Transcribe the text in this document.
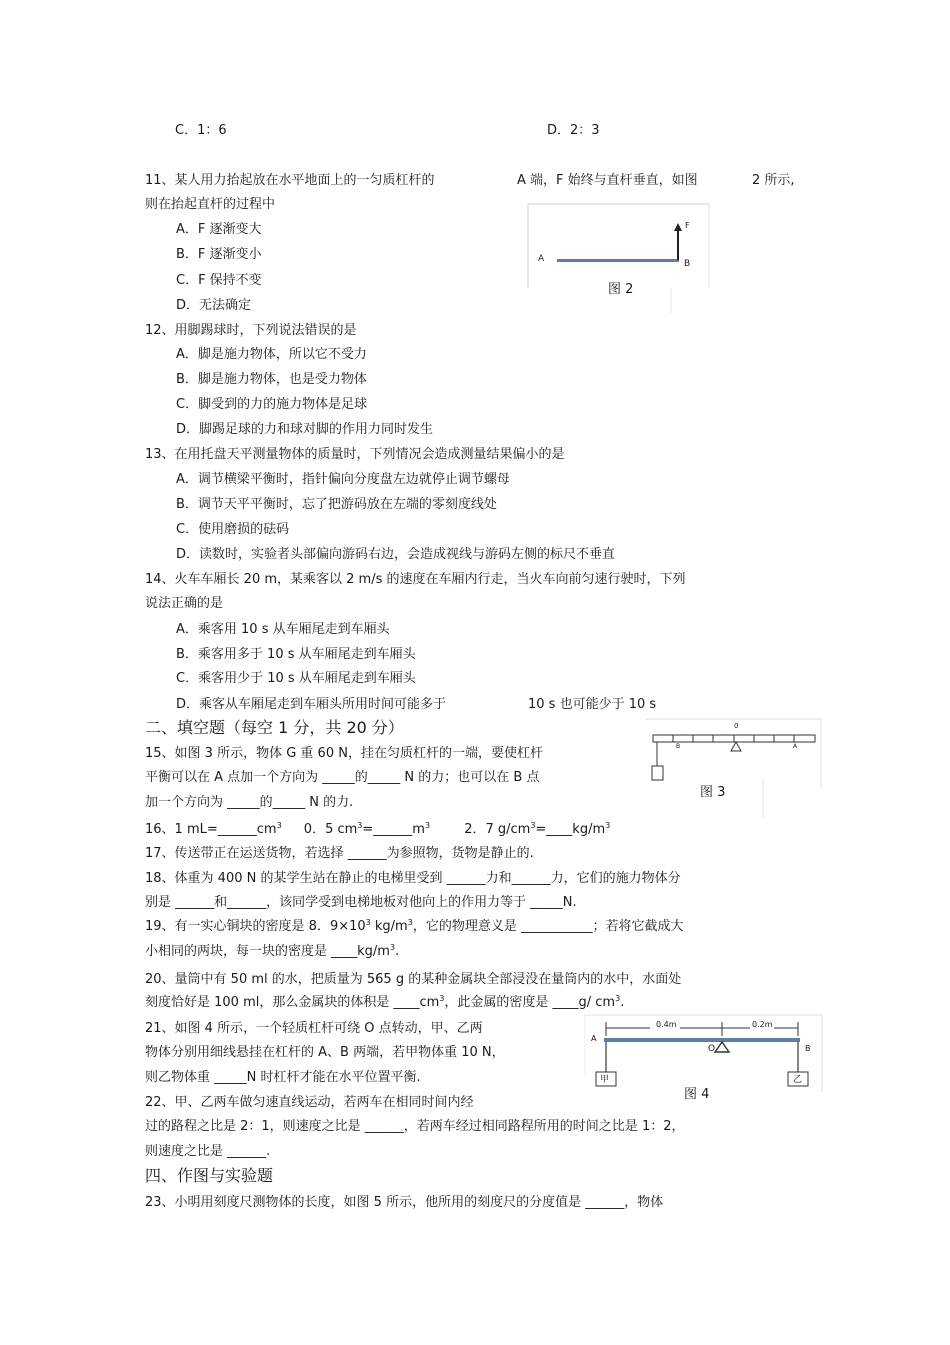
C．1：6	D．2：3
11、某人用力抬起放在水平地面上的一匀质杠杆的	A 端，F 始终与直杆垂直，如图	2 所示,
则在抬起直杆的过程中
A．F 逐渐变大
B．F 逐渐变小
C．F 保持不变
D．无法确定
A	B
F
图 2
12、用脚踢球时，下列说法错误的是
A．脚是施力物体，所以它不受力
B．脚是施力物体，也是受力物体
C．脚受到的力的施力物体是足球
D．脚踢足球的力和球对脚的作用力同时发生
13、在用托盘天平测量物体的质量时，下列情况会造成测量结果偏小的是
A．调节横梁平衡时，指针偏向分度盘左边就停止调节螺母
B．调节天平平衡时，忘了把游码放在左端的零刻度线处
C．使用磨损的砝码
D．读数时，实验者头部偏向游码右边，会造成视线与游码左侧的标尺不垂直
14、火车车厢长 20 m，某乘客以 2 m/s 的速度在车厢内行走，当火车向前匀速行驶时，下列
说法正确的是
A．乘客用 10 s 从车厢尾走到车厢头
B．乘客用多于 10 s 从车厢尾走到车厢头
C．乘客用少于 10 s 从车厢尾走到车厢头
D．乘客从车厢尾走到车厢头所用时间可能多于	10 s 也可能少于 10 s
二、填空题（每空 1 分，共 20 分）
15、如图 3 所示，物体 G 重 60 N，挂在匀质杠杆的一端，要使杠杆
平衡可以在 A 点加一个方向为 _____的_____ N 的力；也可以在 B 点
加一个方向为 _____的_____ N 的力.
0
B	A
图 3
16、1 $mL=\_\_\_\_\_\_cm^3$ 0．5 $cm^3=\_\_\_\_\_\_m^3$	2．7 $g/cm^3=\_\_\_\_kg/m^3$
17、传送带正在运送货物，若选择 ______为参照物，货物是静止的.
18、体重为 400 N 的某学生站在静止的电梯里受到 ______力和______力，它们的施力物体分
别是 ______和______，该同学受到电梯地板对他向上的作用力等于 _____N.
19、有一实心铜块的密度是 8．$9\times 10^3$ $kg/m^3$，它的物理意义是 ___________；若将它截成大
小相同的两块，每一块的密度是 $\_\_\_\_kg/m^3$.
20、量筒中有 50 ml 的水，把质量为 565 g 的某种金属块全部浸没在量筒内的水中，水面处
刻度恰好是 100 ml，那么金属块的体积是 $\_\_\_\_cm^3$，此金属的密度是 ____g/ $cm^3$.
21、如图 4 所示，一个轻质杠杆可绕 O 点转动，甲、乙两
物体分别用细线悬挂在杠杆的 A、B 两端，若甲物体重 10 N，
则乙物体重 _____N 时杠杆才能在水平位置平衡.
0.4m	0.2m
A
B
O
甲	乙
图 4
22、甲、乙两车做匀速直线运动，若两车在相同时间内经
过的路程之比是 2：1，则速度之比是 ______，若两车经过相同路程所用的时间之比是 1：2，
则速度之比是 ______.
四、作图与实验题
23、小明用刻度尺测物体的长度，如图 5 所示，他所用的刻度尺的分度值是 ______，物体
